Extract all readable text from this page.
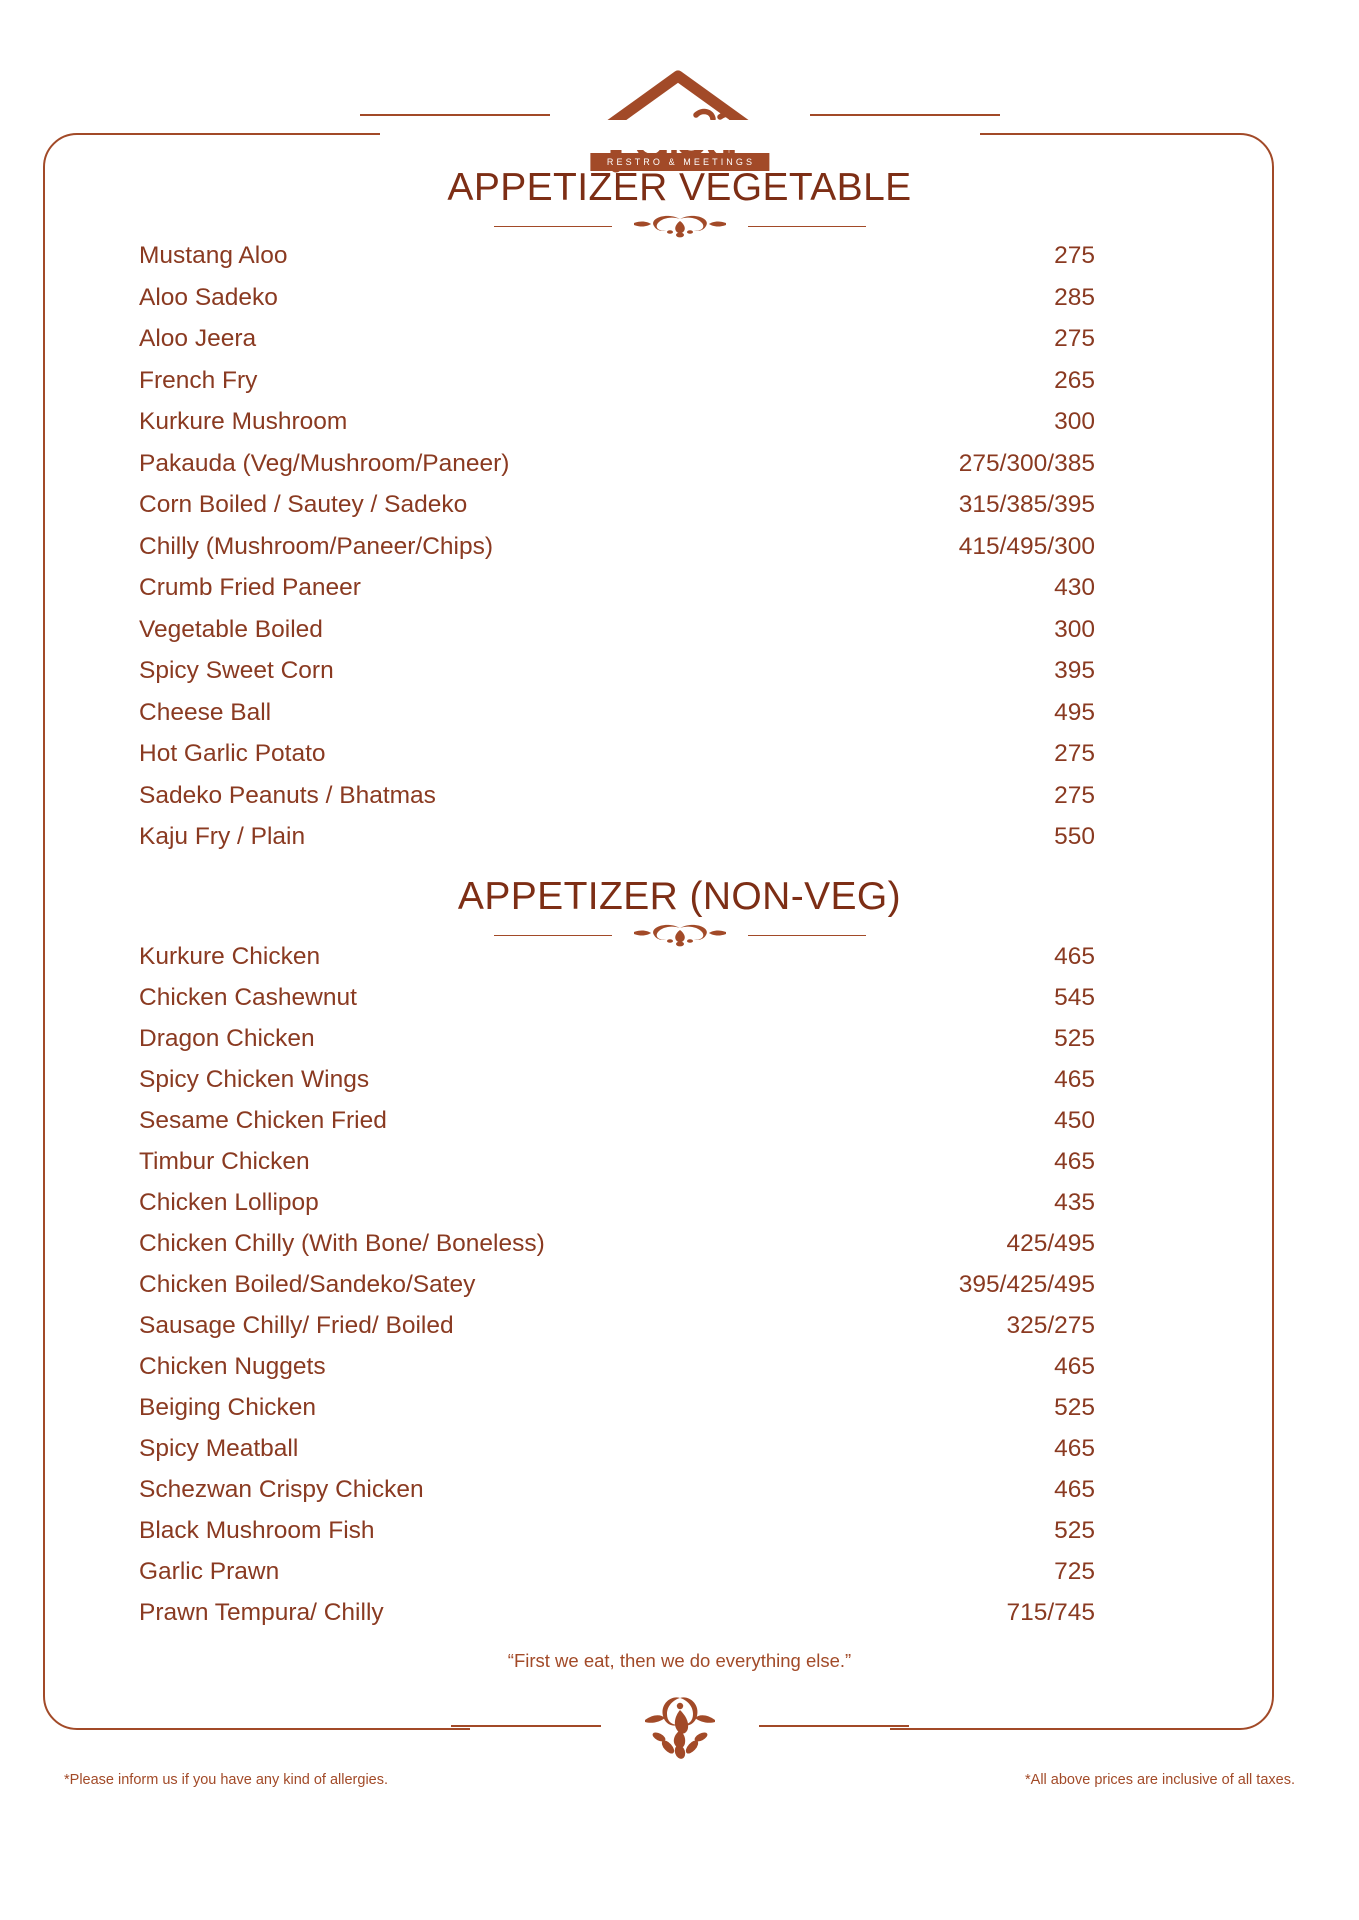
RESTRO & MEETINGS
APPETIZER VEGETABLE
Mustang Aloo	275
Aloo Sadeko	285
Aloo Jeera	275
French Fry	265
Kurkure Mushroom	300
Pakauda (Veg/Mushroom/Paneer)	275/300/385
Corn Boiled / Sautey / Sadeko	315/385/395
Chilly (Mushroom/Paneer/Chips)	415/495/300
Crumb Fried Paneer	430
Vegetable Boiled	300
Spicy Sweet Corn	395
Cheese Ball	495
Hot Garlic Potato	275
Sadeko Peanuts / Bhatmas	275
Kaju Fry / Plain	550
APPETIZER (NON-VEG)
Kurkure Chicken	465
Chicken Cashewnut	545
Dragon Chicken	525
Spicy Chicken Wings	465
Sesame Chicken Fried	450
Timbur Chicken	465
Chicken Lollipop	435
Chicken Chilly (With Bone/ Boneless)	425/495
Chicken Boiled/Sandeko/Satey	395/425/495
Sausage Chilly/ Fried/ Boiled	325/275
Chicken Nuggets	465
Beiging Chicken	525
Spicy Meatball	465
Schezwan Crispy Chicken	465
Black Mushroom Fish	525
Garlic Prawn	725
Prawn Tempura/ Chilly	715/745
“First we eat, then we do everything else.”
*Please inform us if you have any kind of allergies.	*All above prices are inclusive of all taxes.
